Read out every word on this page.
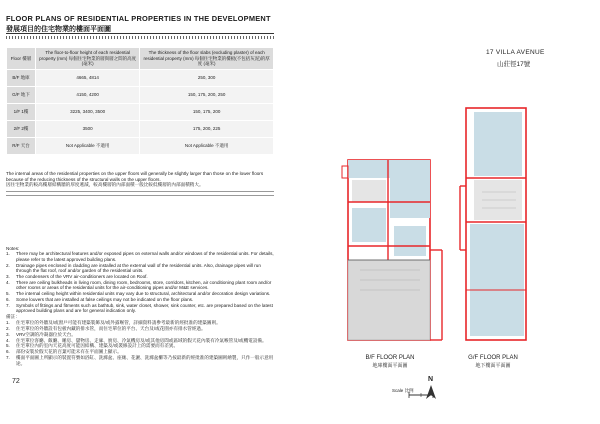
FLOOR PLANS OF RESIDENTIAL PROPERTIES IN THE DEVELOPMENT
發展項目的住宅物業的樓面平面圖
Floor 樓層	The floor-to-floor height of each residential property (mm) 每個住宅物業的層與層之間的高度 (毫米)	The thickness of the floor slabs (excluding plaster) of each residential property (mm) 每個住宅物業的樓板(不包括灰泥)的厚度 (毫米)
B/F 地庫	4665, 4814	250, 300
G/F 地下	4150, 4200	150, 175, 200, 250
1/F 1樓	3225, 3400, 3500	150, 175, 200
2/F 2樓	3500	175, 200, 225
R/F 天台	Not Applicable 不適用	Not Applicable 不適用
The internal areas of the residential properties on the upper floors will generally be slightly larger than those on the lower floors because of the reducing thickness of the structural walls on the upper floors.
因住宅物業的較高樓層結構牆的厚度遞減，較高樓層的內部面積一般比較低樓層的內部面積稍大。
Notes:
1.	There may be architectural features and/or exposed pipes on external walls and/or windows of the residential units. For details, please refer to the latest approved building plans.
2.	Drainage pipes enclosed in cladding are installed at the external wall of the residential units. Also, drainage pipes will run through the flat roof, roof and/or garden of the residential units.
3.	The condensers of the VRV air-conditioners are located on Roof.
4.	There are ceiling bulkheads in living room, dining room, bedrooms, store, corridors, kitchen, air conditioning plant room and/or other rooms or areas of the residential units for the air-conditioning pipes and/or M&E services.
5.	The internal ceiling height within residential units may vary due to structural, architectural and/or decoration design variations.
6.	Some louvers that are installed at false ceilings may not be indicated on the floor plans.
7.	Symbols of fittings and fitments such as bathtub, sink, water closet, shower, sink counter, etc. are prepared based on the latest approved building plans and are for general indication only.
備註：
1.	住宅單位的外牆及/或窗戶可能有建築裝飾及/或外露喉管，詳細資料請參考最新的經批准的建築圖則。
2.	住宅單位的外牆設有包板內藏的排水管，而住宅單位的平台、天台及/或花園亦有排水管經過。
3.	VRV空調的冷凝器位於天台。
4.	住宅單位客廳、飯廳、睡房、儲物房、走廊、廚房、冷氣機房及/或其他房間或區域的假天花內裝有冷氣喉管及/或機電設備。
5.	住宅單位內的室內天花高度可能因結構、建築及/或裝修設計上的需要而有差異。
6.	部份安裝於假天花的百葉可能未有在平面圖上顯示。
7.	樓面平面圖上所顯示的裝置符號如浴缸、洗滌盆、座廁、花灑、洗滌盆櫃等乃按最新的經批准的建築圖則繪製，只作一般示意用途。
72
17 VILLA AVENUE
山莊徑17號
B/F FLOOR PLAN
地庫樓面平面圖
G/F FLOOR PLAN
地下樓面平面圖
Scale 比例
N
